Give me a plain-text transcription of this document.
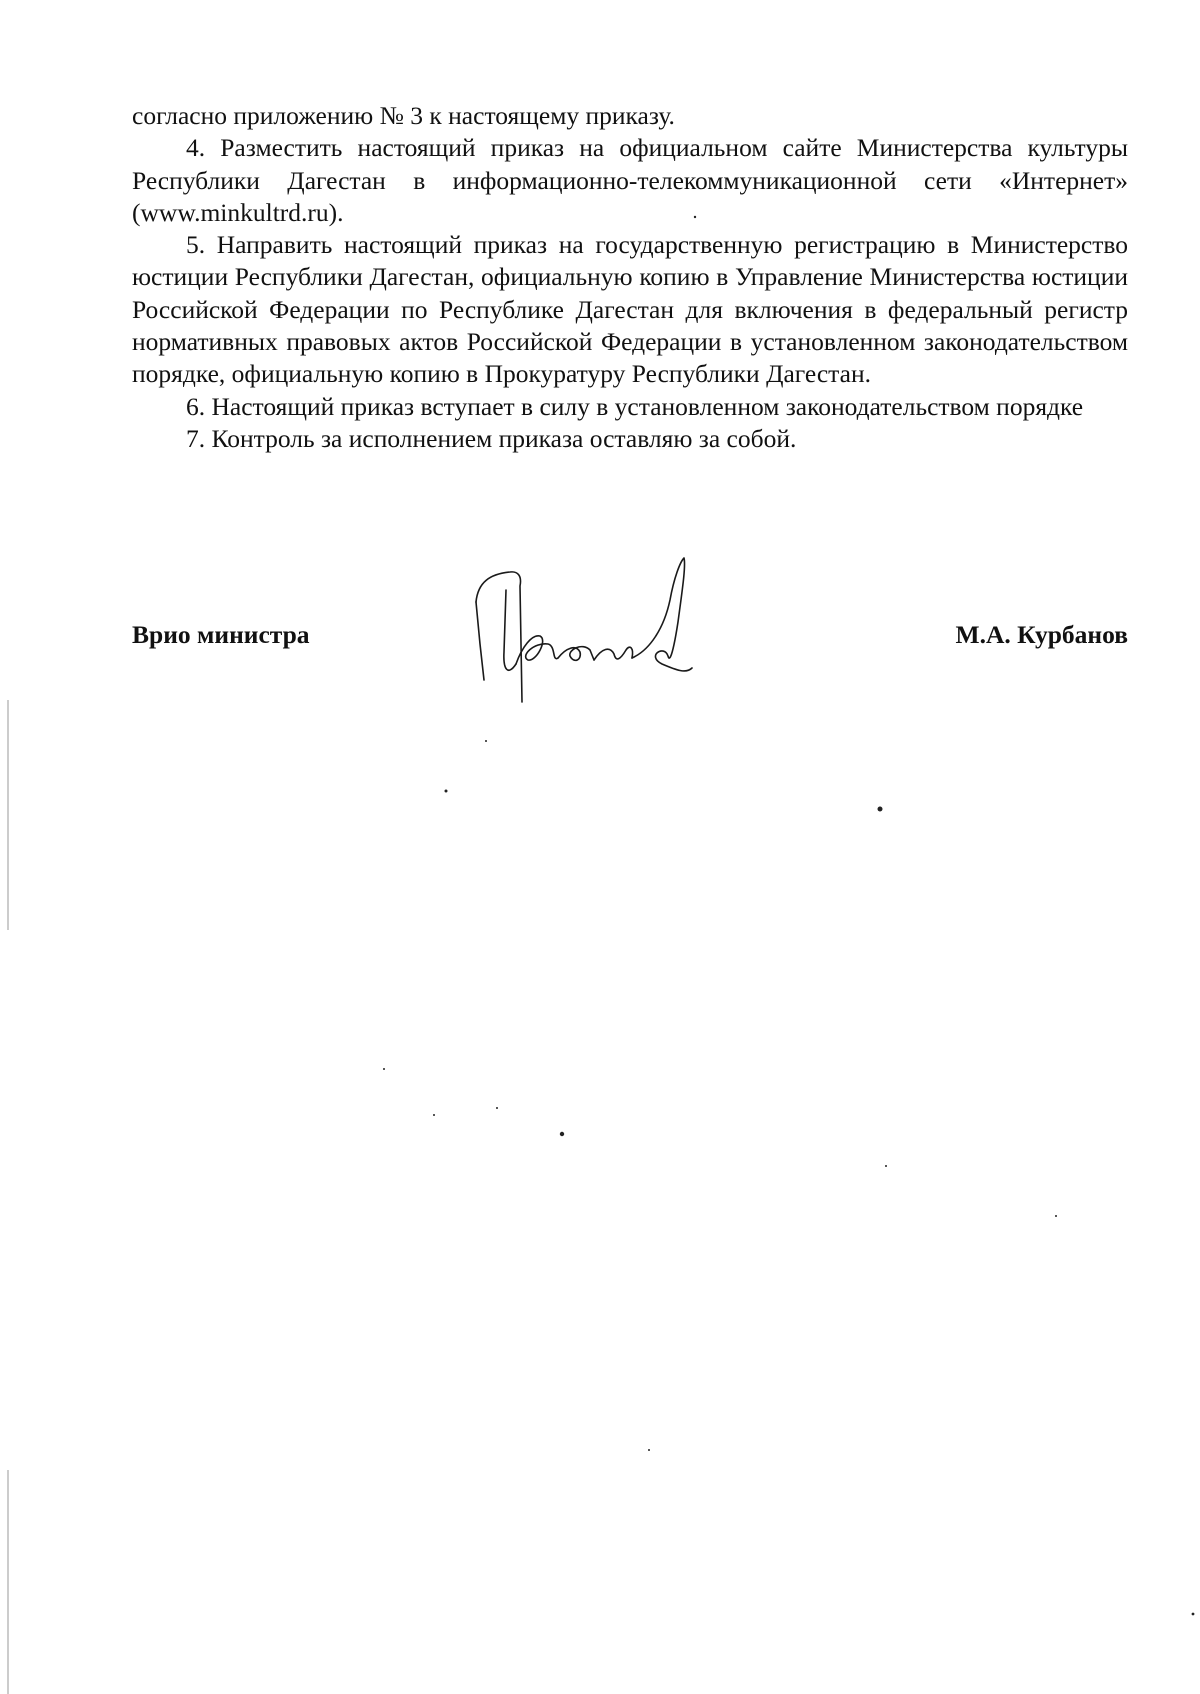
согласно приложению № 3 к настоящему приказу.

4. Разместить настоящий приказ на официальном сайте Министерства культуры Республики Дагестан в информационно-телекоммуникационной сети «Интернет» (www.minkultrd.ru).

5. Направить настоящий приказ на государственную регистрацию в Министерство юстиции Республики Дагестан, официальную копию в Управление Министерства юстиции Российской Федерации по Республике Дагестан для включения в федеральный регистр нормативных правовых актов Российской Федерации в установленном законодательством порядке, официальную копию в Прокуратуру Республики Дагестан.

6. Настоящий приказ вступает в силу в установленном законодательством порядке

7. Контроль за исполнением приказа оставляю за собой.

Врио министра	М.А. Курбанов
